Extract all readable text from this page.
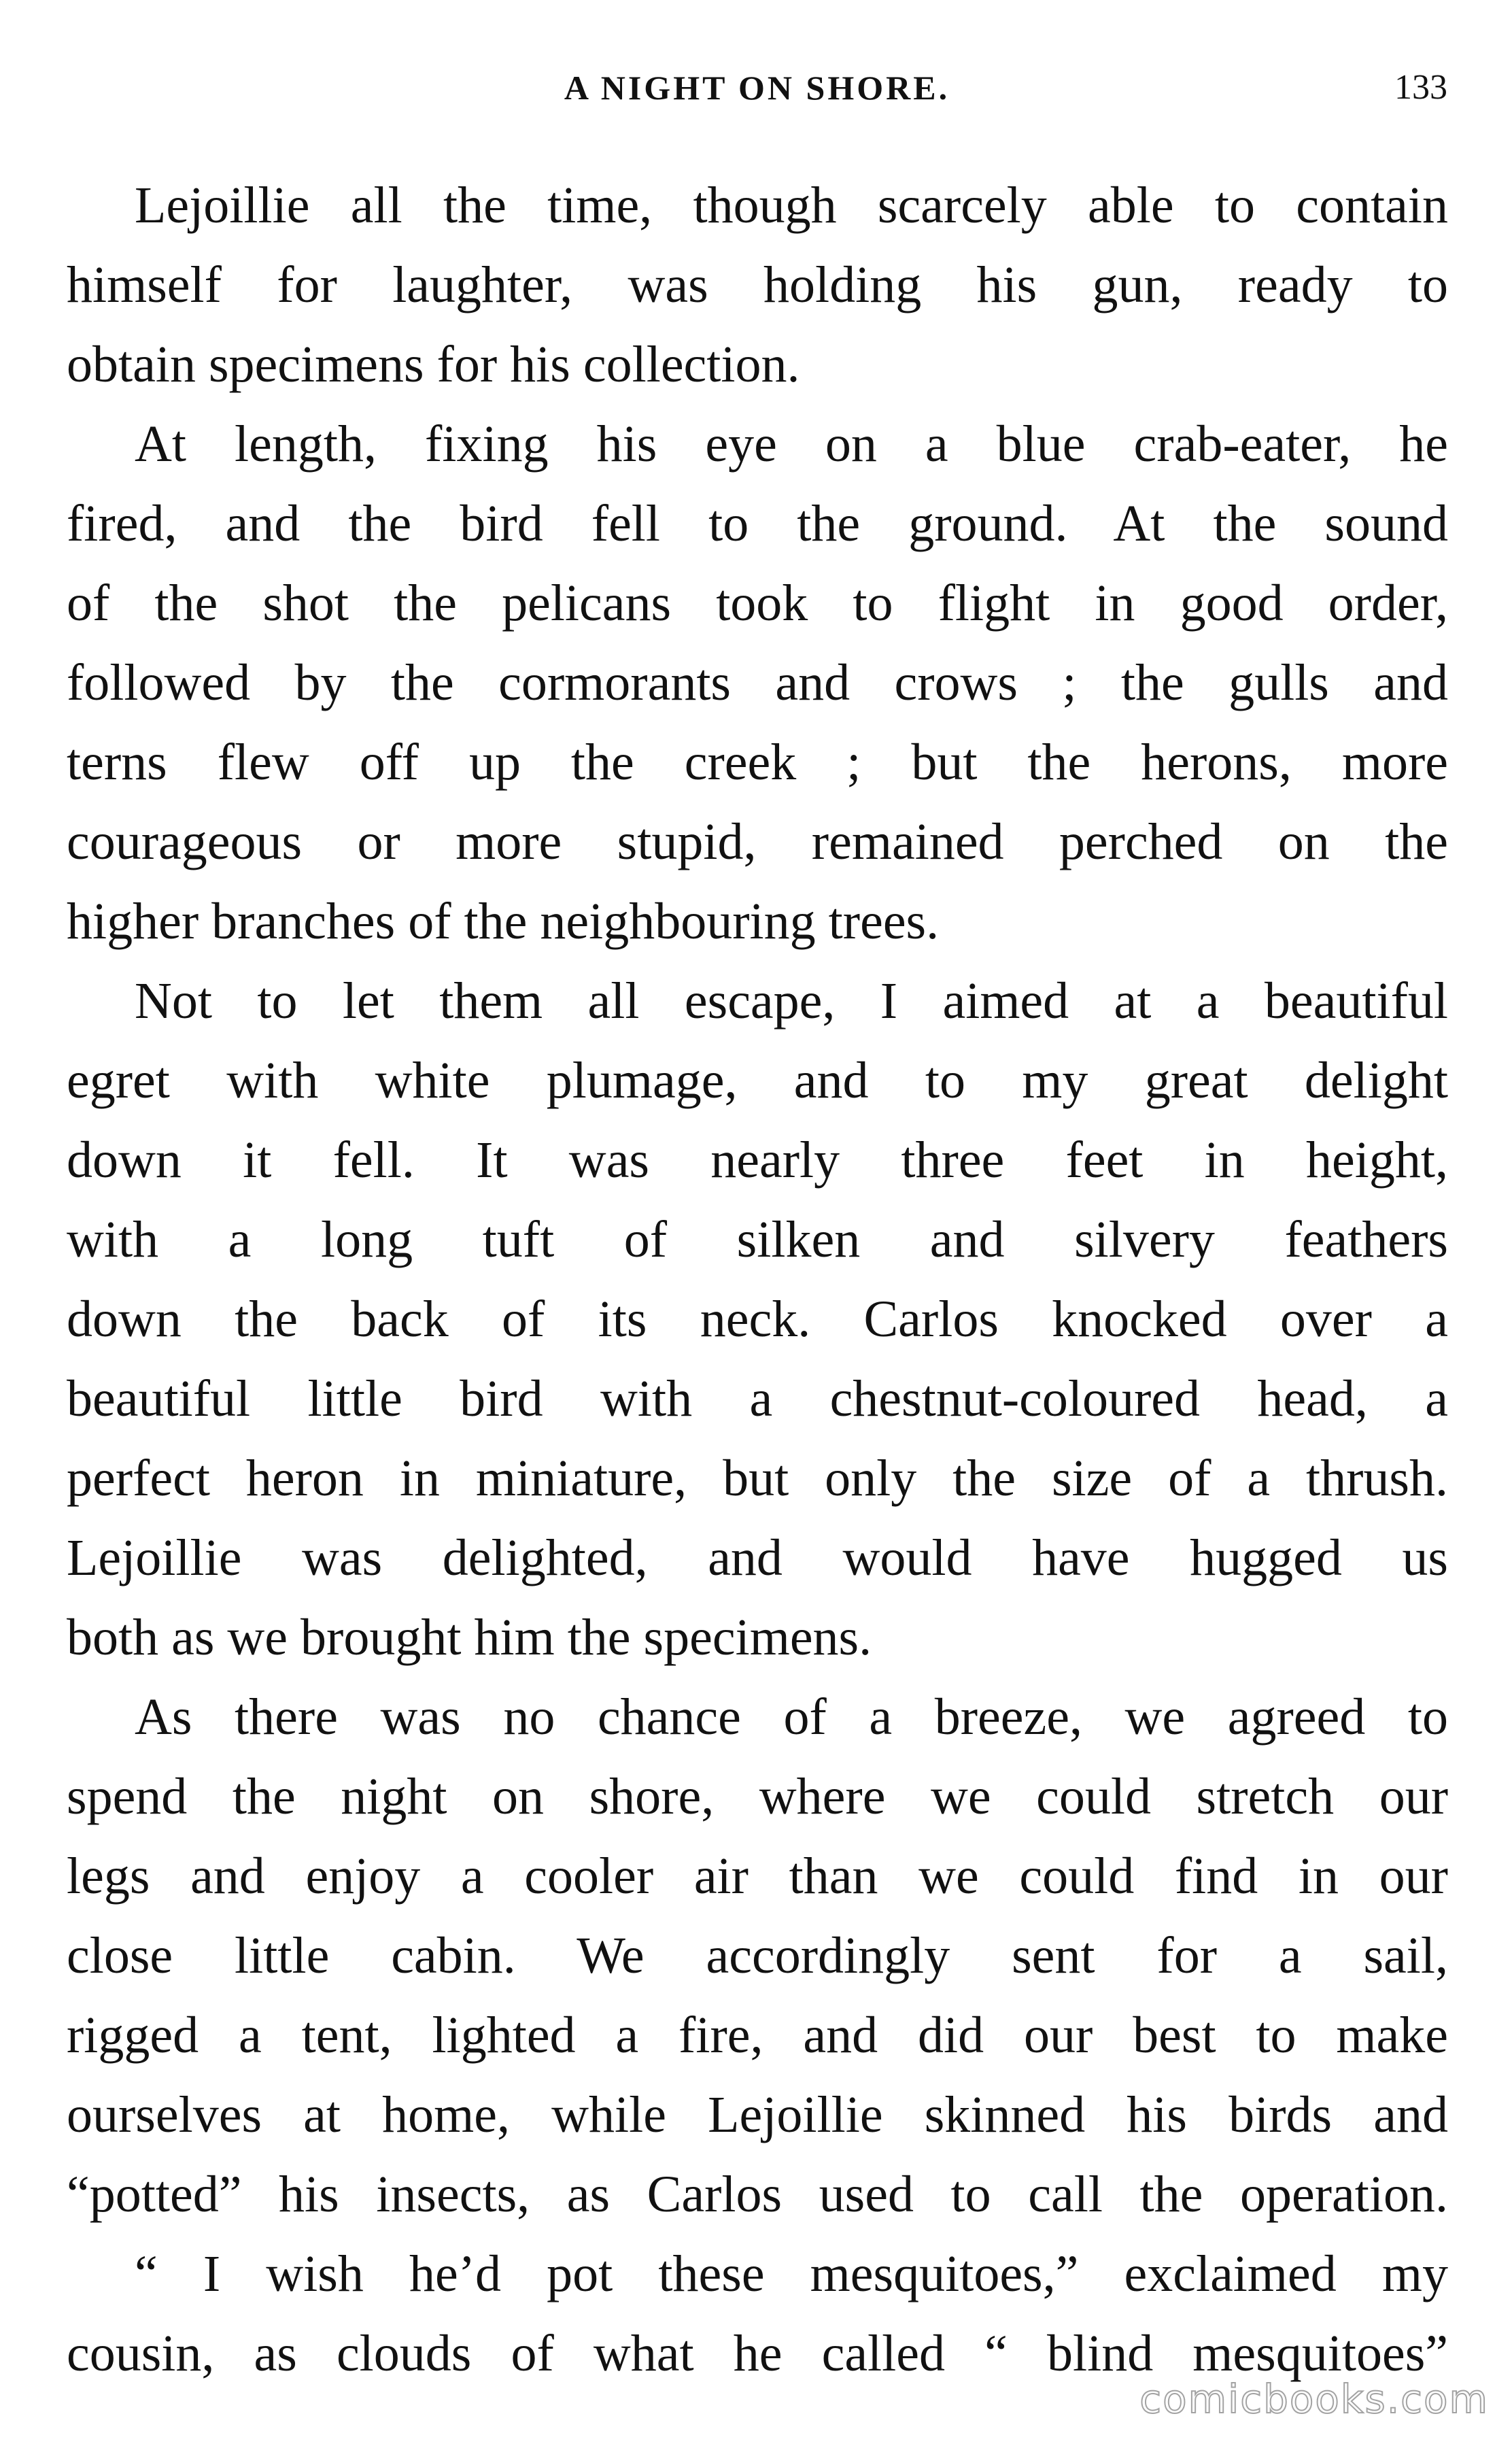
A NIGHT ON SHORE.	133

Lejoillie all the time, though scarcely able to contain
himself for laughter, was holding his gun, ready to
obtain specimens for his collection.

At length, fixing his eye on a blue crab-eater, he
fired, and the bird fell to the ground. At the sound
of the shot the pelicans took to flight in good order,
followed by the cormorants and crows ; the gulls and
terns flew off up the creek ; but the herons, more
courageous or more stupid, remained perched on the
higher branches of the neighbouring trees.

Not to let them all escape, I aimed at a beautiful
egret with white plumage, and to my great delight
down it fell. It was nearly three feet in height,
with a long tuft of silken and silvery feathers
down the back of its neck. Carlos knocked over a
beautiful little bird with a chestnut-coloured head, a
perfect heron in miniature, but only the size of a thrush.
Lejoillie was delighted, and would have hugged us
both as we brought him the specimens.

As there was no chance of a breeze, we agreed to
spend the night on shore, where we could stretch our
legs and enjoy a cooler air than we could find in our
close little cabin. We accordingly sent for a sail,
rigged a tent, lighted a fire, and did our best to make
ourselves at home, while Lejoillie skinned his birds and
“potted” his insects, as Carlos used to call the operation.

“ I wish he’d pot these mesquitoes,” exclaimed my
cousin, as clouds of what he called “ blind mesquitoes”

comicbooks.com
